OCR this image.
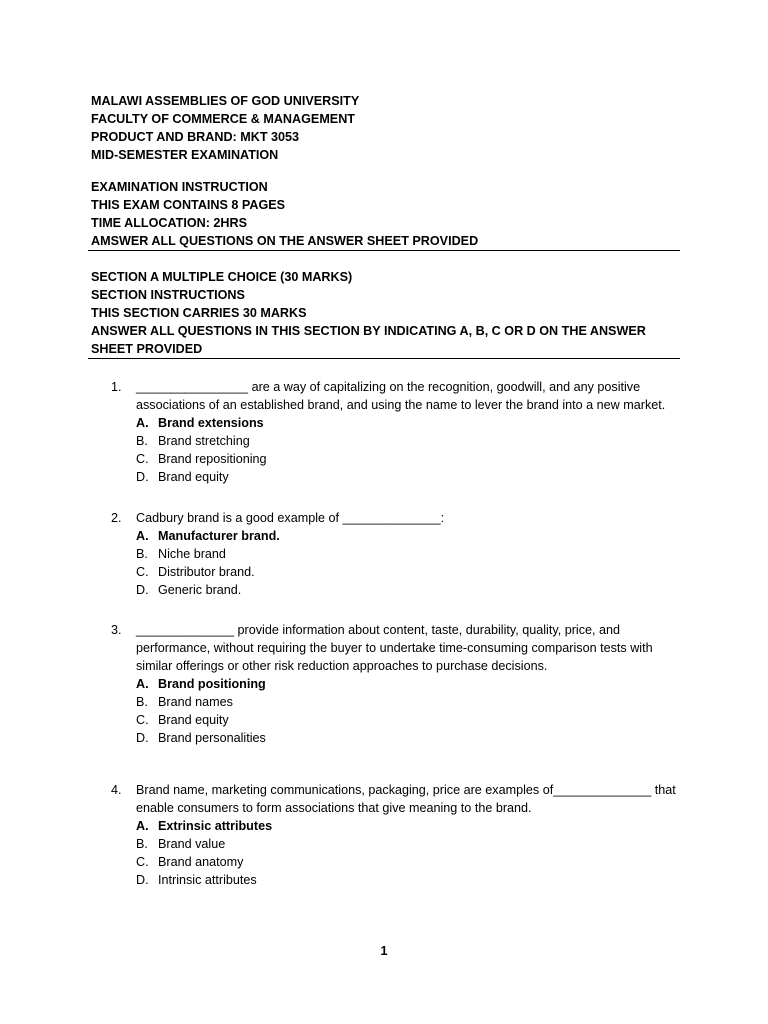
MALAWI ASSEMBLIES OF GOD UNIVERSITY
FACULTY OF COMMERCE & MANAGEMENT
PRODUCT AND BRAND: MKT 3053
MID-SEMESTER EXAMINATION
EXAMINATION INSTRUCTION
THIS EXAM CONTAINS 8 PAGES
TIME ALLOCATION: 2HRS
AMSWER ALL QUESTIONS ON THE ANSWER SHEET PROVIDED
SECTION A MULTIPLE CHOICE (30 MARKS)
SECTION INSTRUCTIONS
THIS SECTION CARRIES 30 MARKS
ANSWER ALL QUESTIONS IN THIS SECTION BY INDICATING A, B, C OR D ON THE ANSWER SHEET PROVIDED
1.	________________ are a way of capitalizing on the recognition, goodwill, and any positive
associations of an established brand, and using the name to lever the brand into a new market.
A. Brand extensions
B. Brand stretching
C. Brand repositioning
D. Brand equity
2.	Cadbury brand is a good example of ______________:
A. Manufacturer brand.
B. Niche brand
C. Distributor brand.
D. Generic brand.
3.	______________ provide information about content, taste, durability, quality, price, and
performance, without requiring the buyer to undertake time-consuming comparison tests with
similar offerings or other risk reduction approaches to purchase decisions.
A. Brand positioning
B. Brand names
C. Brand equity
D. Brand personalities
4.	Brand name, marketing communications, packaging, price are examples of______________ that
enable consumers to form associations that give meaning to the brand.
A. Extrinsic attributes
B. Brand value
C. Brand anatomy
D. Intrinsic attributes
1
